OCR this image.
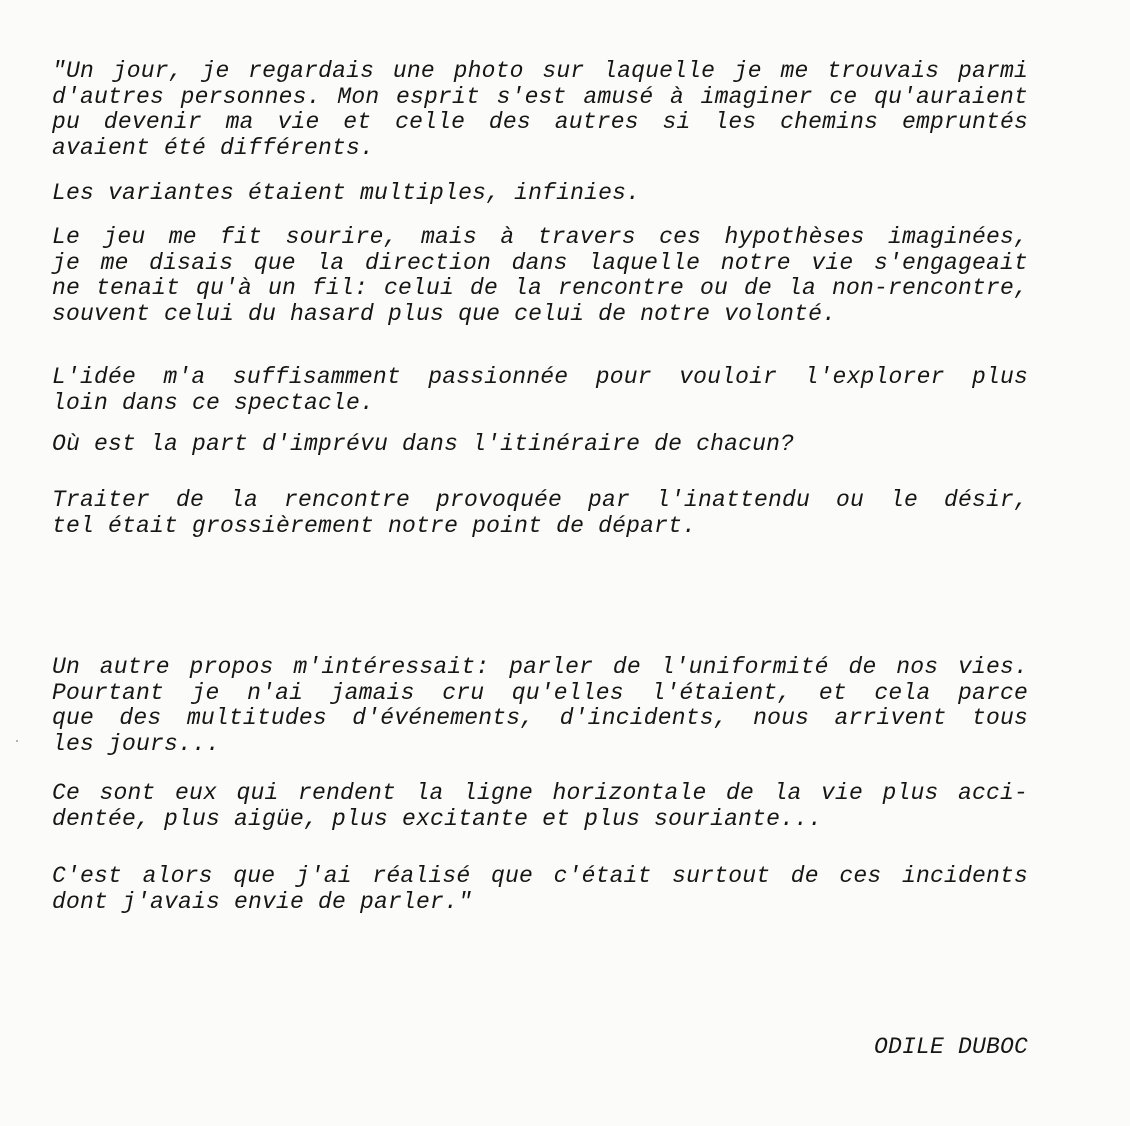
"Un jour, je regardais une photo sur laquelle je me trouvais parmi
d'autres personnes. Mon esprit s'est amusé à imaginer ce qu'auraient
pu devenir ma vie et celle des autres si les chemins empruntés
avaient été différents.
Les variantes étaient multiples, infinies.
Le jeu me fit sourire, mais à travers ces hypothèses imaginées,
je me disais que la direction dans laquelle notre vie s'engageait
ne tenait qu'à un fil: celui de la rencontre ou de la non-rencontre,
souvent celui du hasard plus que celui de notre volonté.
L'idée m'a suffisamment passionnée pour vouloir l'explorer plus
loin dans ce spectacle.
Où est la part d'imprévu dans l'itinéraire de chacun?
Traiter de la rencontre provoquée par l'inattendu ou le désir,
tel était grossièrement notre point de départ.
Un autre propos m'intéressait: parler de l'uniformité de nos vies.
Pourtant je n'ai jamais cru qu'elles l'étaient, et cela parce
que des multitudes d'événements, d'incidents, nous arrivent tous
les jours...
Ce sont eux qui rendent la ligne horizontale de la vie plus acci-
dentée, plus aigüe, plus excitante et plus souriante...
C'est alors que j'ai réalisé que c'était surtout de ces incidents
dont j'avais envie de parler."
ODILE DUBOC
